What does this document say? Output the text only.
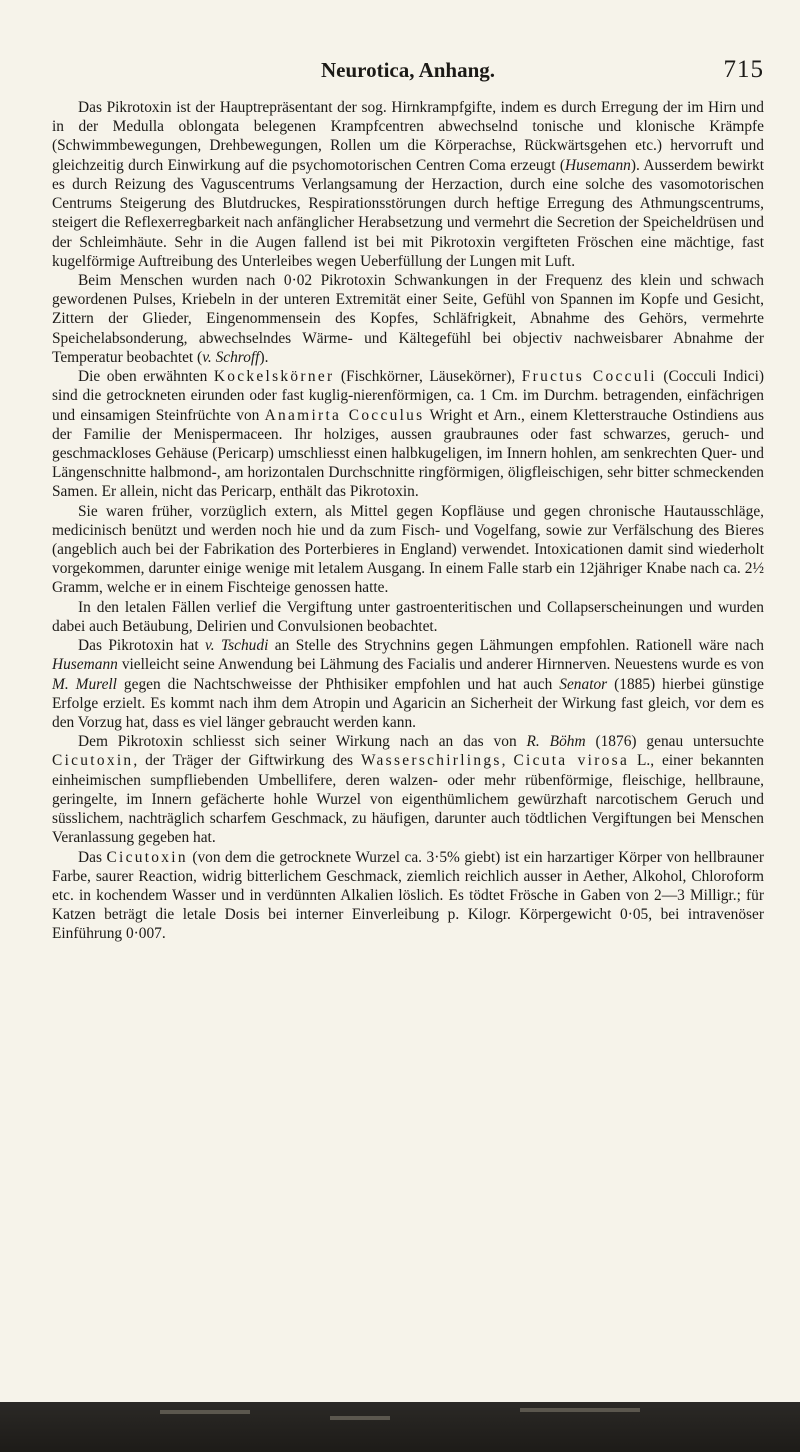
Neurotica, Anhang.	715

Das Pikrotoxin ist der Hauptrepräsentant der sog. Hirnkrampfgifte, indem es durch Erregung der im Hirn und in der Medulla oblongata belegenen Krampfcentren abwechselnd tonische und klonische Krämpfe (Schwimmbewegungen, Drehbewegungen, Rollen um die Körperachse, Rückwärtsgehen etc.) hervorruft und gleichzeitig durch Einwirkung auf die psychomotorischen Centren Coma erzeugt (Husemann). Ausserdem bewirkt es durch Reizung des Vaguscentrums Verlangsamung der Herzaction, durch eine solche des vasomotorischen Centrums Steigerung des Blutdruckes, Respirationsstörungen durch heftige Erregung des Athmungscentrums, steigert die Reflexerregbarkeit nach anfänglicher Herabsetzung und vermehrt die Secretion der Speicheldrüsen und der Schleimhäute. Sehr in die Augen fallend ist bei mit Pikrotoxin vergifteten Fröschen eine mächtige, fast kugelförmige Auftreibung des Unterleibes wegen Ueberfüllung der Lungen mit Luft.

Beim Menschen wurden nach 0·02 Pikrotoxin Schwankungen in der Frequenz des klein und schwach gewordenen Pulses, Kriebeln in der unteren Extremität einer Seite, Gefühl von Spannen im Kopfe und Gesicht, Zittern der Glieder, Eingenommensein des Kopfes, Schläfrigkeit, Abnahme des Gehörs, vermehrte Speichelabsonderung, abwechselndes Wärme- und Kältegefühl bei objectiv nachweisbarer Abnahme der Temperatur beobachtet (v. Schroff).

Die oben erwähnten Kockelskörner (Fischkörner, Läusekörner), Fructus Cocculi (Cocculi Indici) sind die getrockneten eirunden oder fast kuglig-nierenförmigen, ca. 1 Cm. im Durchm. betragenden, einfächrigen und einsamigen Steinfrüchte von Anamirta Cocculus Wright et Arn., einem Kletterstrauche Ostindiens aus der Familie der Menispermaceen. Ihr holziges, aussen graubraunes oder fast schwarzes, geruch- und geschmackloses Gehäuse (Pericarp) umschliesst einen halbkugeligen, im Innern hohlen, am senkrechten Quer- und Längenschnitte halbmond-, am horizontalen Durchschnitte ringförmigen, öligfleischigen, sehr bitter schmeckenden Samen. Er allein, nicht das Pericarp, enthält das Pikrotoxin.

Sie waren früher, vorzüglich extern, als Mittel gegen Kopfläuse und gegen chronische Hautausschläge, medicinisch benützt und werden noch hie und da zum Fisch- und Vogelfang, sowie zur Verfälschung des Bieres (angeblich auch bei der Fabrikation des Porterbieres in England) verwendet. Intoxicationen damit sind wiederholt vorgekommen, darunter einige wenige mit letalem Ausgang. In einem Falle starb ein 12jähriger Knabe nach ca. 2½ Gramm, welche er in einem Fischteige genossen hatte.

In den letalen Fällen verlief die Vergiftung unter gastroenteritischen und Collapserscheinungen und wurden dabei auch Betäubung, Delirien und Convulsionen beobachtet.

Das Pikrotoxin hat v. Tschudi an Stelle des Strychnins gegen Lähmungen empfohlen. Rationell wäre nach Husemann vielleicht seine Anwendung bei Lähmung des Facialis und anderer Hirnnerven. Neuestens wurde es von M. Murell gegen die Nachtschweisse der Phthisiker empfohlen und hat auch Senator (1885) hierbei günstige Erfolge erzielt. Es kommt nach ihm dem Atropin und Agaricin an Sicherheit der Wirkung fast gleich, vor dem es den Vorzug hat, dass es viel länger gebraucht werden kann.

Dem Pikrotoxin schliesst sich seiner Wirkung nach an das von R. Böhm (1876) genau untersuchte Cicutoxin, der Träger der Giftwirkung des Wasserschirlings, Cicuta virosa L., einer bekannten einheimischen sumpfliebenden Umbellifere, deren walzen- oder mehr rübenförmige, fleischige, hellbraune, geringelte, im Innern gefächerte hohle Wurzel von eigenthümlichem gewürzhaft narcotischem Geruch und süsslichem, nachträglich scharfem Geschmack, zu häufigen, darunter auch tödtlichen Vergiftungen bei Menschen Veranlassung gegeben hat.

Das Cicutoxin (von dem die getrocknete Wurzel ca. 3·5% giebt) ist ein harzartiger Körper von hellbrauner Farbe, saurer Reaction, widrig bitterlichem Geschmack, ziemlich reichlich ausser in Aether, Alkohol, Chloroform etc. in kochendem Wasser und in verdünnten Alkalien löslich. Es tödtet Frösche in Gaben von 2—3 Milligr.; für Katzen beträgt die letale Dosis bei interner Einverleibung p. Kilogr. Körpergewicht 0·05, bei intravenöser Einführung 0·007.
